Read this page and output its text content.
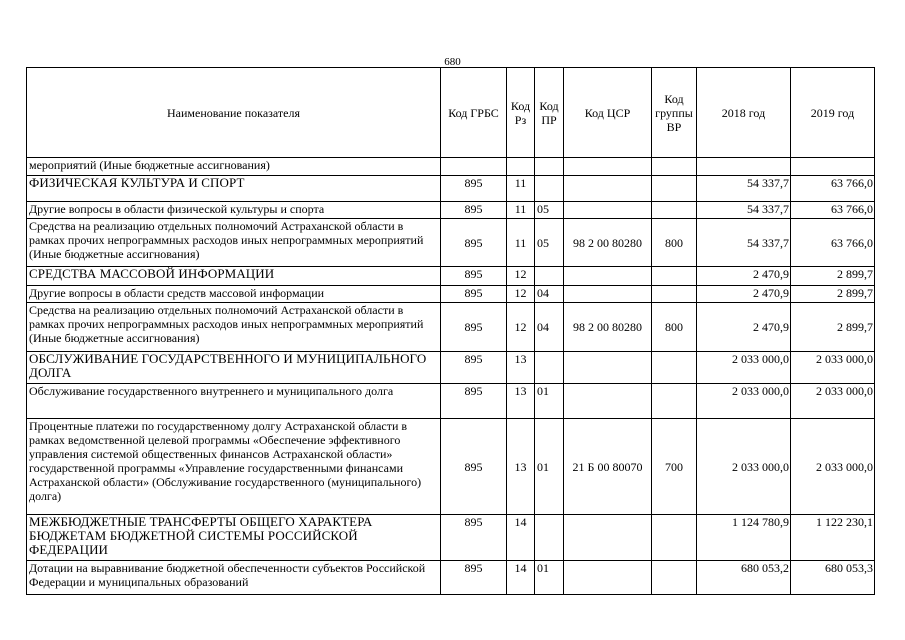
680
Наименование показателя	Код ГРБС	Код Рз	Код ПР	Код ЦСР	Код группы ВР	2018 год	2019 год
мероприятий (Иные бюджетные ассигнования)							
ФИЗИЧЕСКАЯ КУЛЬТУРА И СПОРТ	895	11				54 337,7	63 766,0
Другие вопросы в области физической культуры и спорта	895	11	05			54 337,7	63 766,0
Средства на реализацию отдельных полномочий Астраханской области в рамках прочих непрограммных расходов иных непрограммных мероприятий (Иные бюджетные ассигнования)	895	11	05	98 2 00 80280	800	54 337,7	63 766,0
СРЕДСТВА МАССОВОЙ ИНФОРМАЦИИ	895	12				2 470,9	2 899,7
Другие вопросы в области средств массовой информации	895	12	04			2 470,9	2 899,7
Средства на реализацию отдельных полномочий Астраханской области в рамках прочих непрограммных расходов иных непрограммных мероприятий (Иные бюджетные ассигнования)	895	12	04	98 2 00 80280	800	2 470,9	2 899,7
ОБСЛУЖИВАНИЕ ГОСУДАРСТВЕННОГО И МУНИЦИПАЛЬНОГО ДОЛГА	895	13				2 033 000,0	2 033 000,0
Обслуживание государственного внутреннего и муниципального долга	895	13	01			2 033 000,0	2 033 000,0
Процентные платежи по государственному долгу Астраханской области в рамках ведомственной целевой программы «Обеспечение эффективного управления системой общественных финансов Астраханской области» государственной программы «Управление государственными финансами Астраханской области» (Обслуживание государственного (муниципального) долга)	895	13	01	21 Б 00 80070	700	2 033 000,0	2 033 000,0
МЕЖБЮДЖЕТНЫЕ ТРАНСФЕРТЫ ОБЩЕГО ХАРАКТЕРА БЮДЖЕТАМ БЮДЖЕТНОЙ СИСТЕМЫ РОССИЙСКОЙ ФЕДЕРАЦИИ	895	14				1 124 780,9	1 122 230,1
Дотации на выравнивание бюджетной обеспеченности субъектов Российской Федерации и муниципальных образований	895	14	01			680 053,2	680 053,3
